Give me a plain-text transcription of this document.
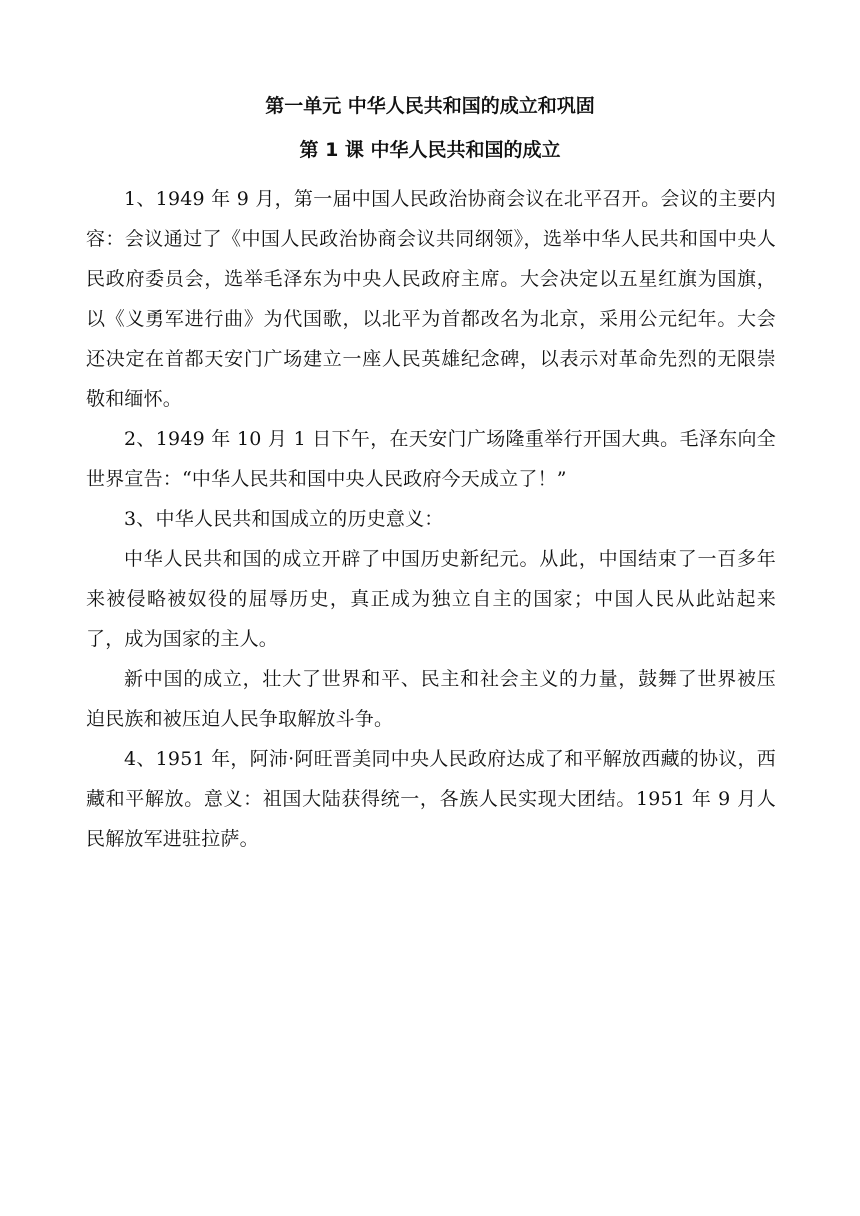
第一单元 中华人民共和国的成立和巩固
第 1 课 中华人民共和国的成立

1、1949 年 9 月，第一届中国人民政治协商会议在北平召开。会议的主要内容：会议通过了《中国人民政治协商会议共同纲领》，选举中华人民共和国中央人民政府委员会，选举毛泽东为中央人民政府主席。大会决定以五星红旗为国旗，以《义勇军进行曲》为代国歌，以北平为首都改名为北京，采用公元纪年。大会还决定在首都天安门广场建立一座人民英雄纪念碑，以表示对革命先烈的无限崇敬和缅怀。

2、1949 年 10 月 1 日下午，在天安门广场隆重举行开国大典。毛泽东向全世界宣告：“中华人民共和国中央人民政府今天成立了！”

3、中华人民共和国成立的历史意义：

中华人民共和国的成立开辟了中国历史新纪元。从此，中国结束了一百多年来被侵略被奴役的屈辱历史，真正成为独立自主的国家；中国人民从此站起来了，成为国家的主人。

新中国的成立，壮大了世界和平、民主和社会主义的力量，鼓舞了世界被压迫民族和被压迫人民争取解放斗争。

4、1951 年，阿沛·阿旺晋美同中央人民政府达成了和平解放西藏的协议，西藏和平解放。意义：祖国大陆获得统一，各族人民实现大团结。1951 年 9 月人民解放军进驻拉萨。
